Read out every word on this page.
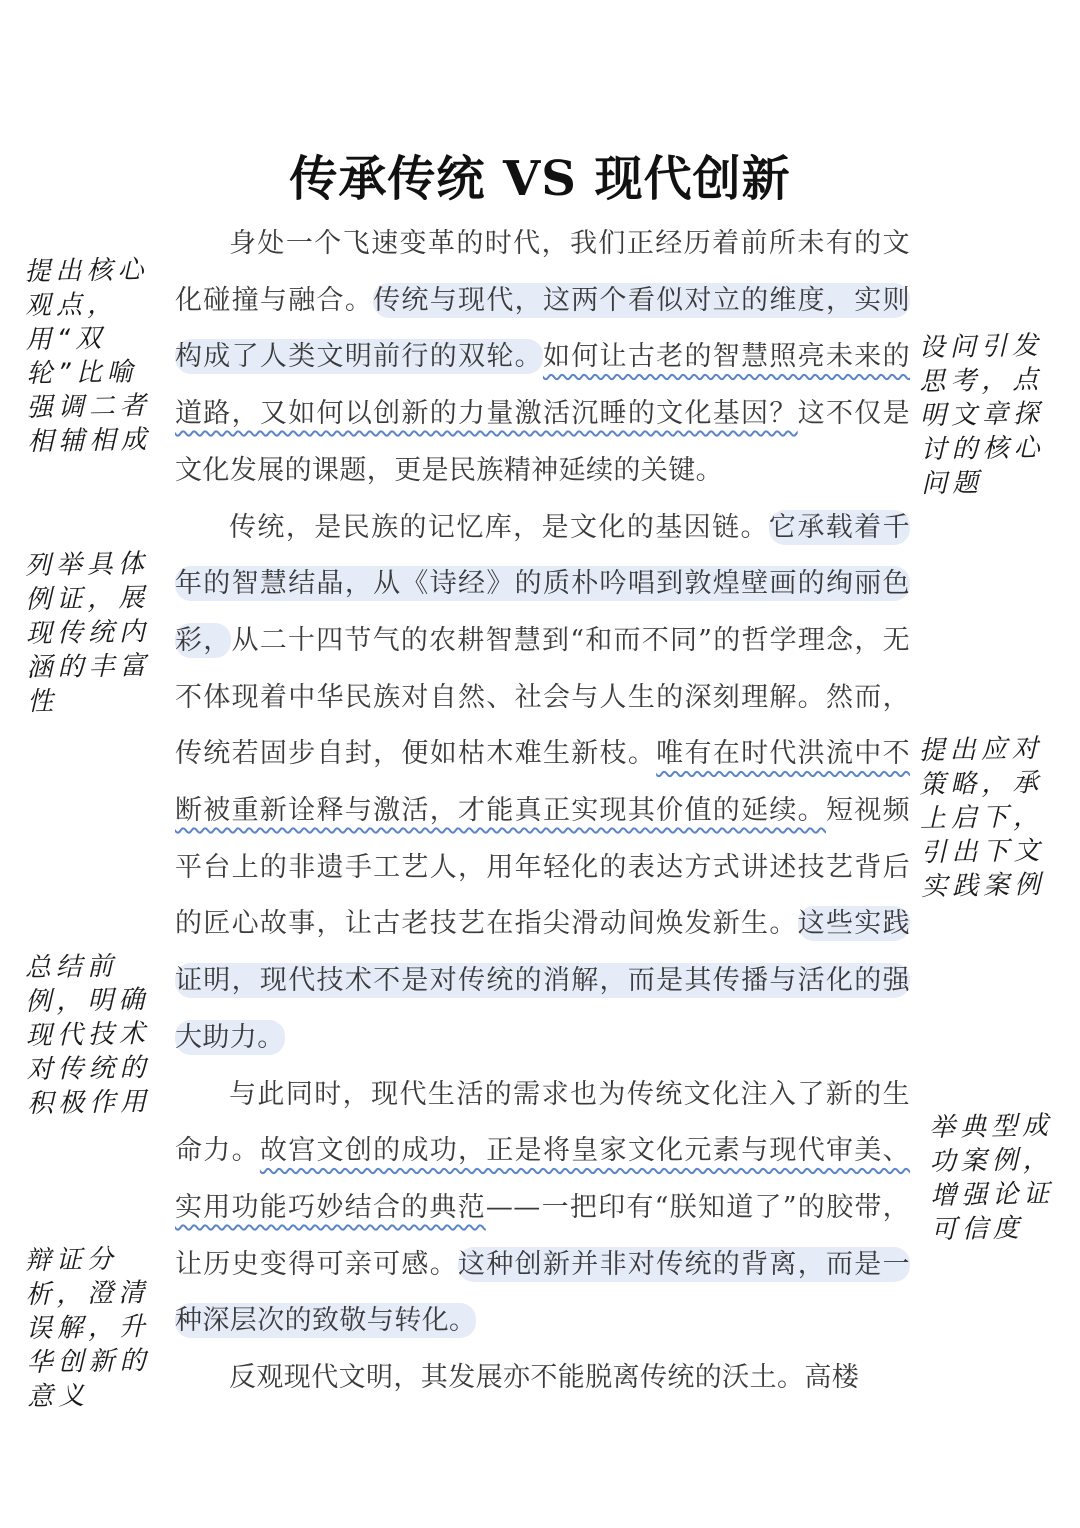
传承传统 VS 现代创新

身处一个飞速变革的时代，我们正经历着前所未有的文化碰撞与融合。传统与现代，这两个看似对立的维度，实则构成了人类文明前行的双轮。如何让古老的智慧照亮未来的道路，又如何以创新的力量激活沉睡的文化基因？这不仅是文化发展的课题，更是民族精神延续的关键。

传统，是民族的记忆库，是文化的基因链。它承载着千年的智慧结晶，从《诗经》的质朴吟唱到敦煌壁画的绚丽色彩，从二十四节气的农耕智慧到“和而不同”的哲学理念，无不体现着中华民族对自然、社会与人生的深刻理解。然而，传统若固步自封，便如枯木难生新枝。唯有在时代洪流中不断被重新诠释与激活，才能真正实现其价值的延续。短视频平台上的非遗手工艺人，用年轻化的表达方式讲述技艺背后的匠心故事，让古老技艺在指尖滑动间焕发新生。这些实践证明，现代技术不是对传统的消解，而是其传播与活化的强大助力。

与此同时，现代生活的需求也为传统文化注入了新的生命力。故宫文创的成功，正是将皇家文化元素与现代审美、实用功能巧妙结合的典范——一把印有“朕知道了”的胶带，让历史变得可亲可感。这种创新并非对传统的背离，而是一种深层次的致敬与转化。

反观现代文明，其发展亦不能脱离传统的沃土。高楼

提出核心观点，用“双轮”比喻强调二者相辅相成
设问引发思考，点明文章探讨的核心问题
列举具体例证，展现传统内涵的丰富性
提出应对策略，承上启下，引出下文实践案例
总结前例，明确现代技术对传统的积极作用
举典型成功案例，增强论证可信度
辩证分析，澄清误解，升华创新的意义
